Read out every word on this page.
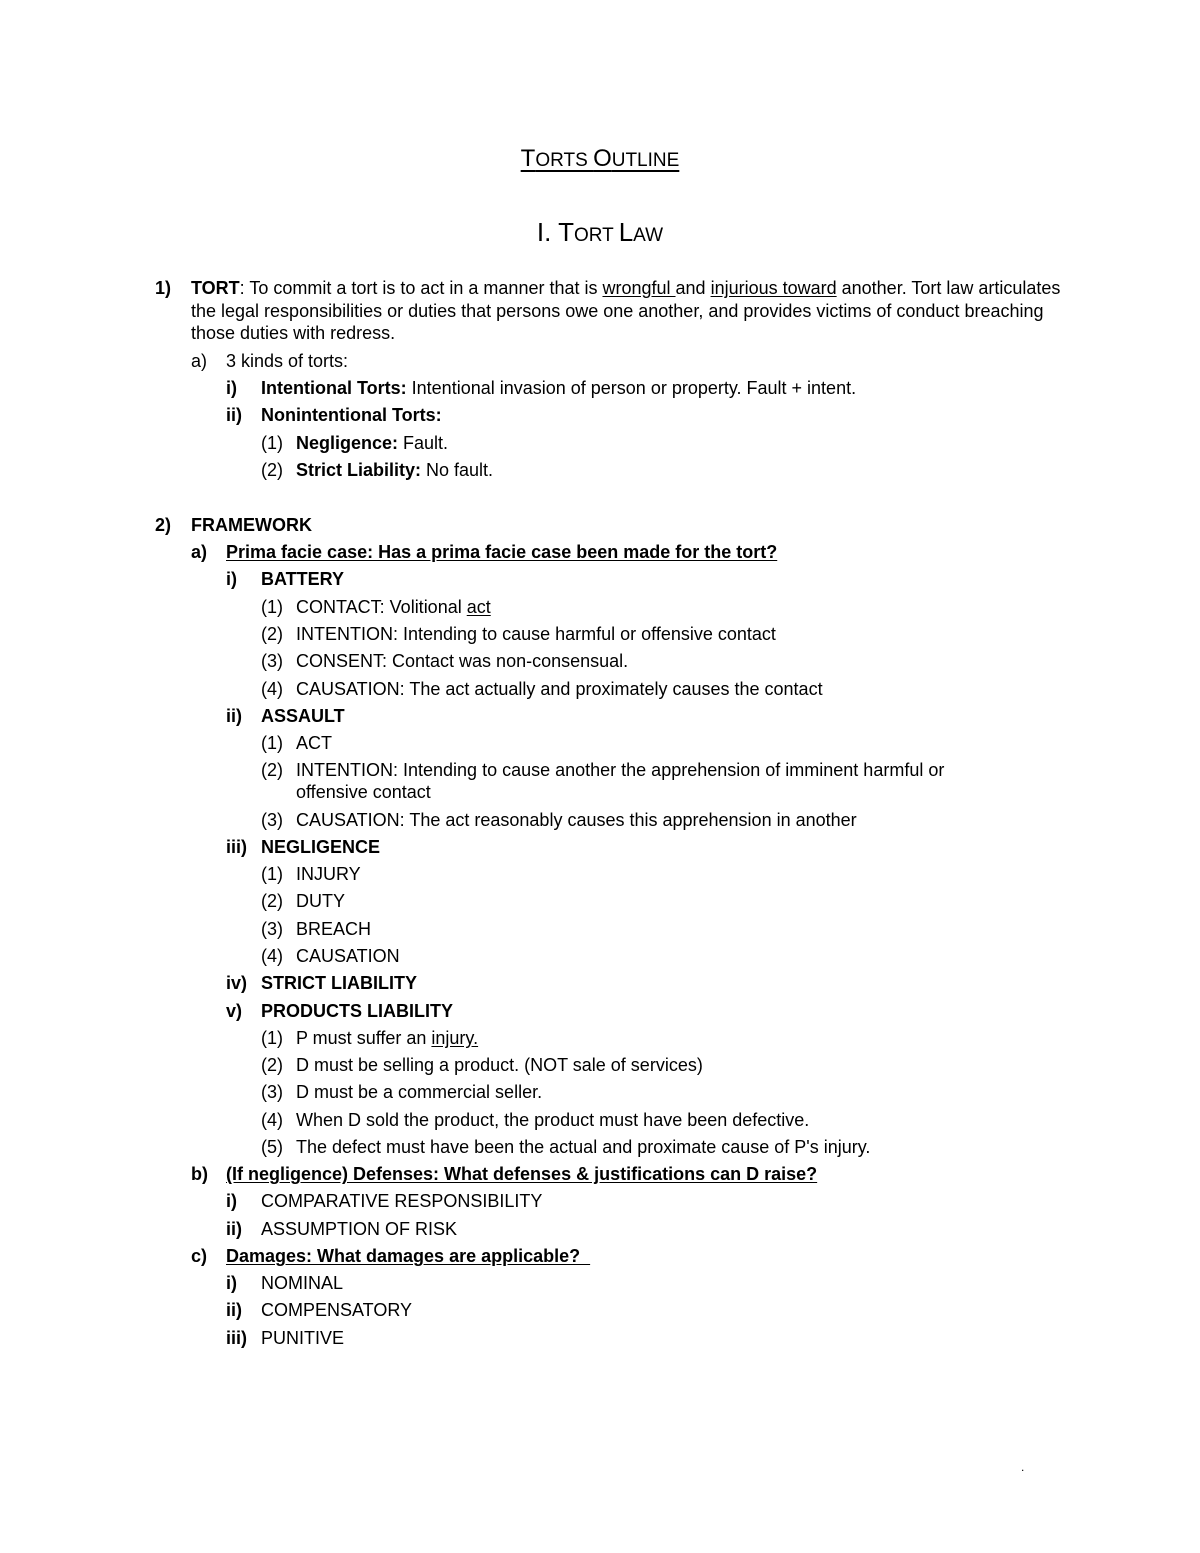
TORTS OUTLINE
I. TORT LAW
1) TORT: To commit a tort is to act in a manner that is wrongful and injurious toward another. Tort law articulates the legal responsibilities or duties that persons owe one another, and provides victims of conduct breaching those duties with redress.
a) 3 kinds of torts:
i) Intentional Torts: Intentional invasion of person or property. Fault + intent.
ii) Nonintentional Torts:
(1) Negligence: Fault.
(2) Strict Liability: No fault.
2) FRAMEWORK
a) Prima facie case: Has a prima facie case been made for the tort?
i) BATTERY
(1) CONTACT: Volitional act
(2) INTENTION: Intending to cause harmful or offensive contact
(3) CONSENT: Contact was non-consensual.
(4) CAUSATION: The act actually and proximately causes the contact
ii) ASSAULT
(1) ACT
(2) INTENTION: Intending to cause another the apprehension of imminent harmful or
offensive contact
(3) CAUSATION: The act reasonably causes this apprehension in another
iii) NEGLIGENCE
(1) INJURY
(2) DUTY
(3) BREACH
(4) CAUSATION
iv) STRICT LIABILITY
v) PRODUCTS LIABILITY
(1) P must suffer an injury.
(2) D must be selling a product. (NOT sale of services)
(3) D must be a commercial seller.
(4) When D sold the product, the product must have been defective.
(5) The defect must have been the actual and proximate cause of P's injury.
b) (If negligence) Defenses: What defenses & justifications can D raise?
i) COMPARATIVE RESPONSIBILITY
ii) ASSUMPTION OF RISK
c) Damages: What damages are applicable?
i) NOMINAL
ii) COMPENSATORY
iii) PUNITIVE
.
